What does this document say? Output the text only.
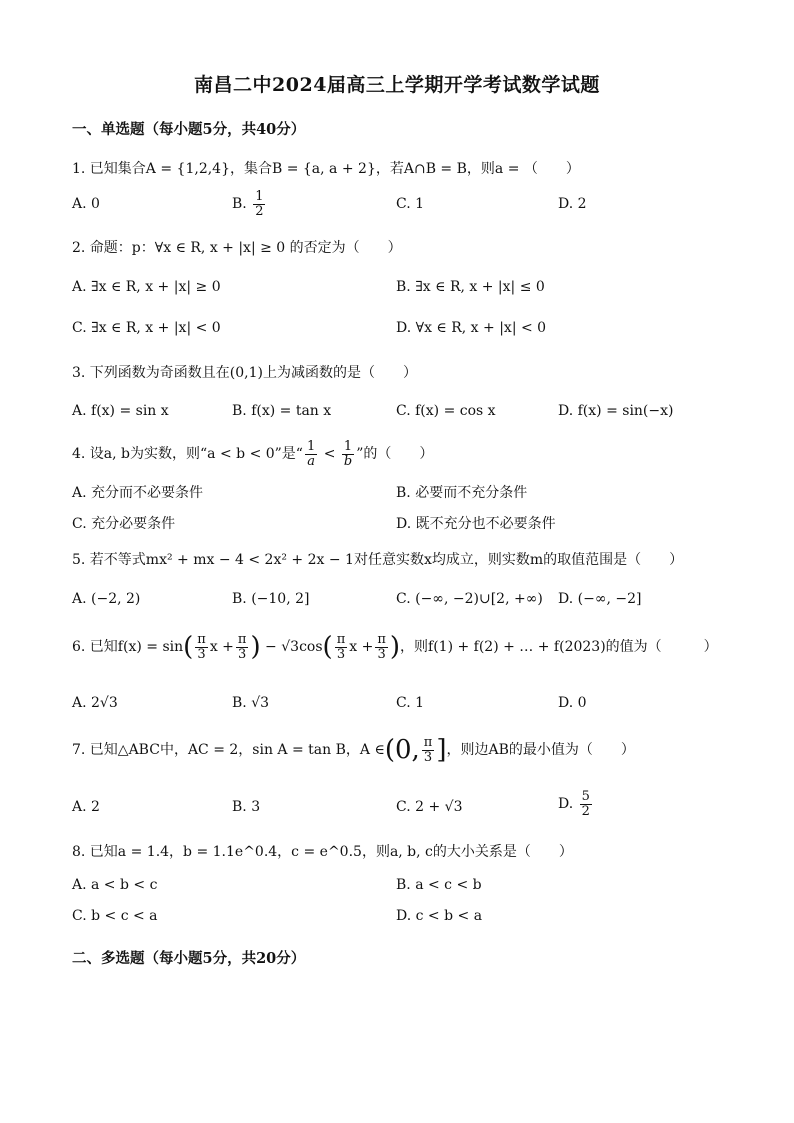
南昌二中2024届高三上学期开学考试数学试题
一、单选题（每小题5分，共40分）
1. 已知集合A = {1,2,4}，集合B = {a, a + 2}，若A∩B = B，则a = （　　）
A. 0	B. $\frac{1}{2}$	C. 1	D. 2
2. 命题：p：∀x ∈ R, x + |x| ≥ 0 的否定为（　　）
A. ∃x ∈ R, x + |x| ≥ 0	B. ∃x ∈ R, x + |x| ≤ 0
C. ∃x ∈ R, x + |x| < 0	D. ∀x ∈ R, x + |x| < 0
3. 下列函数为奇函数且在(0,1)上为减函数的是（　　）
A. f(x) = sin x	B. f(x) = tan x	C. f(x) = cos x	D. f(x) = sin(−x)
4. 设a, b为实数，则“a < b < 0”是“ $\frac{1}{a} < \frac{1}{b}$ ”的（　　）
A. 充分而不必要条件	B. 必要而不充分条件
C. 充分必要条件	D. 既不充分也不必要条件
5. 若不等式mx² + mx − 4 < 2x² + 2x − 1对任意实数x均成立，则实数m的取值范围是（　　）
A. (−2, 2)	B. (−10, 2]	C. (−∞, −2)∪[2, +∞) D. (−∞, −2]
6. 已知$f(x) = \sin( \frac{\pi}{3}$ $x + \frac{\pi}{3}$ ) − $√3\cos( \frac{\pi}{3}$ $x + \frac{\pi}{3}$ )，则f(1) + f(2) + … + f(2023)的值为（　　　）
A. 2√3	B. √3	C. 1	D. 0
7. 已知△ABC中，AC = 2，sin A = tan B，A ∈(0, $\frac{\pi}{3}$ ]，则边AB的最小值为（　　）
A. 2	B. 3	C. 2 + √3	D. $\frac{5}{2}$
8. 已知a = 1.4，b = 1.1e^0.4，c = e^0.5，则a, b, c的大小关系是（　　）
A. a < b < c	B. a < c < b
C. b < c < a	D. c < b < a
二、多选题（每小题5分，共20分）
